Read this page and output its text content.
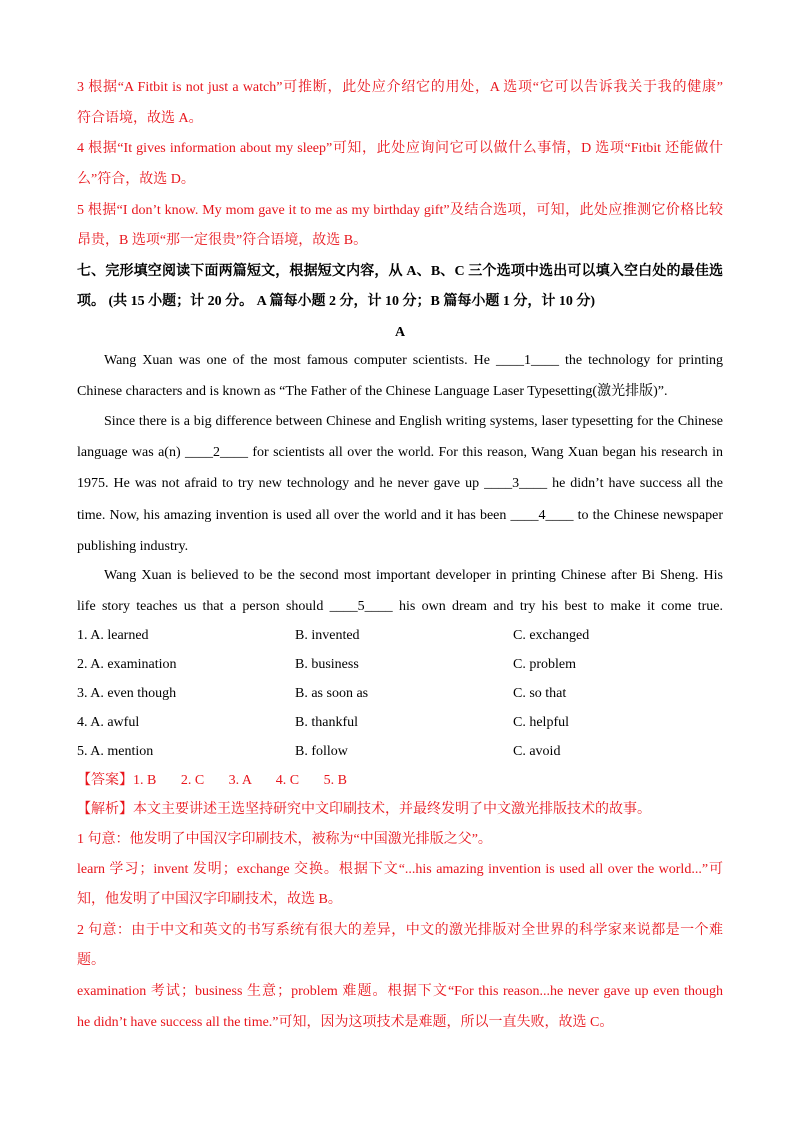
3 根据“A Fitbit is not just a watch”可推断，此处应介绍它的用处，A 选项“它可以告诉我关于我的健康”
符合语境，故选 A。
4 根据“It gives information about my sleep”可知，此处应询问它可以做什么事情，D 选项“Fitbit 还能做什
么”符合，故选 D。
5 根据“I don’t know. My mom gave it to me as my birthday gift”及结合选项，可知，此处应推测它价格比较
昂贵，B 选项“那一定很贵”符合语境，故选 B。
七、完形填空阅读下面两篇短文，根据短文内容，从 A、B、C 三个选项中选出可以填入空白处的最佳选
项。 (共 15 小题；计 20 分。 A 篇每小题 2 分，计 10 分；B 篇每小题 1 分，计 10 分)
A
Wang Xuan was one of the most famous computer scientists. He ____1____ the technology for printing
Chinese characters and is known as “The Father of the Chinese Language Laser Typesetting(激光排版)”.
Since there is a big difference between Chinese and English writing systems, laser typesetting for the Chinese
language was a(n) ____2____ for scientists all over the world. For this reason, Wang Xuan began his research in
1975. He was not afraid to try new technology and he never gave up ____3____ he didn’t have success all the
time. Now, his amazing invention is used all over the world and it has been ____4____ to the Chinese newspaper
publishing industry.
Wang Xuan is believed to be the second most important developer in printing Chinese after Bi Sheng. His
life story teaches us that a person should ____5____ his own dream and try his best to make it come true.
1. A. learned	B. invented	C. exchanged
2. A. examination	B. business	C. problem
3. A. even though	B. as soon as	C. so that
4. A. awful	B. thankful	C. helpful
5. A. mention	B. follow	C. avoid
【答案】1. B       2. C       3. A       4. C       5. B
【解析】本文主要讲述王选坚持研究中文印刷技术，并最终发明了中文激光排版技术的故事。
1 句意：他发明了中国汉字印刷技术，被称为“中国激光排版之父”。
learn 学习；invent 发明；exchange 交换。根据下文“...his amazing invention is used all over the world...”可
知，他发明了中国汉字印刷技术，故选 B。
2 句意：由于中文和英文的书写系统有很大的差异，中文的激光排版对全世界的科学家来说都是一个难
题。
examination 考试；business 生意；problem 难题。根据下文“For this reason...he never gave up even though
he didn’t have success all the time.”可知，因为这项技术是难题，所以一直失败，故选 C。
